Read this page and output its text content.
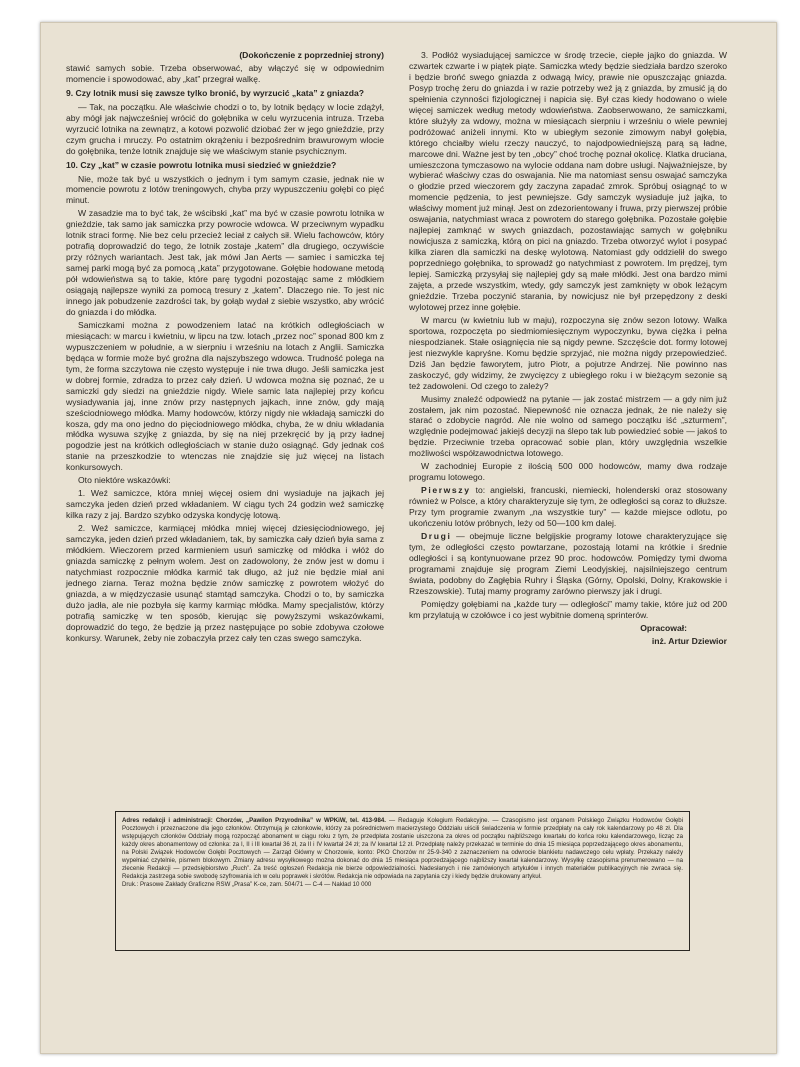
(Dokończenie z poprzedniej strony)

stawić samych sobie. Trzeba obserwować, aby włączyć się w odpowiednim momencie i spowodować, aby „kat” przegrał walkę.

9. Czy lotnik musi się zawsze tylko bronić, by wyrzucić „kata” z gniazda?

— Tak, na początku. Ale właściwie chodzi o to, by lotnik będący w locie zdążył, aby mógł jak najwcześniej wrócić do gołębnika w celu wyrzucenia intruza. Trzeba wyrzucić lotnika na zewnątrz, a kotowi pozwolić dziobać źer w jego gnieździe, przy czym grucha i mruczy. Po ostatnim okrążeniu i bezpośrednim brawurowym wlocie do gołębnika, tenże lotnik znajduje się we właściwym stanie psychicznym.

10. Czy „kat” w czasie powrotu lotnika musi siedzieć w gnieździe?

Nie, może tak być u wszystkich o jednym i tym samym czasie, jednak nie w momencie powrotu z lotów treningowych, chyba przy wypuszczeniu gołębi co pięć minut.

W zasadzie ma to być tak, że wścibski „kat” ma być w czasie powrotu lotnika w gnieździe, tak samo jak samiczka przy powrocie wdowca. W przeciwnym wypadku lotnik straci formę. Nie bez celu przecież leciał z całych sił. Wielu fachowców, który potrafią doprowadzić do tego, że lotnik zostaje „katem” dla drugiego, oczywiście przy różnych wariantach. Jest tak, jak mówi Jan Aerts — samiec i samiczka tej samej parki mogą być za pomocą „kata” przygotowane. Gołębie hodowane metodą pół wdowieństwa są to takie, które parę tygodni pozostając same z młódkiem osiągają najlepsze wyniki za pomocą tresury z „katem”. Dlaczego nie. To jest nic innego jak pobudzenie zazdrości tak, by gołąb wydał z siebie wszystko, aby wrócić do gniazda i do młódka.

Samiczkami można z powodzeniem latać na krótkich odległościach w miesiącach: w marcu i kwietniu, w lipcu na tzw. lotach „przez noc” sponad 800 km z wypuszczeniem w południe, a w sierpniu i wrześniu na lotach z Anglii. Samiczka będąca w formie może być groźna dla najszybszego wdowca. Trudność polega na tym, że forma szczytowa nie często występuje i nie trwa długo. Jeśli samiczka jest w dobrej formie, zdradza to przez cały dzień. U wdowca można się poznać, że u samiczki gdy siedzi na gnieździe nigdy. Wiele samic lata najlepiej przy końcu wysiadywania jaj, inne znów przy następnych jajkach, inne znów, gdy mają sześciodniowego młódka. Mamy hodowców, którzy nigdy nie wkładają samiczki do kosza, gdy ma ono jedno do pięciodniowego młódka, chyba, że w dniu wkładania młódka wysuwa szyjkę z gniazda, by się na niej przekręcić by ją przy ładnej pogodzie jest na krótkich odległościach w stanie dużo osiągnąć. Gdy jednak coś stanie na przeszkodzie to wtenczas nie znajdzie się już więcej na listach konkursowych.

Oto niektóre wskazówki:

1. Weź samiczce, która mniej więcej osiem dni wysiaduje na jajkach jej samczyka jeden dzień przed wkładaniem. W ciągu tych 24 godzin weź samiczkę kilka razy z jaj. Bardzo szybko odzyska kondycję lotową.

2. Weź samiczce, karmiącej młódka mniej więcej dziesięciodniowego, jej samczyka, jeden dzień przed wkładaniem, tak, by samiczka cały dzień była sama z młódkiem. Wieczorem przed karmieniem usuń samiczkę od młódka i włóż do gniazda samiczkę z pełnym wolem. Jest on zadowolony, że znów jest w domu i natychmiast rozpocznie młódka karmić tak długo, aż już nie będzie miał ani jednego ziarna. Teraz można będzie znów samiczkę z powrotem włożyć do gniazda, a w międzyczasie usunąć stamtąd samczyka. Chodzi o to, by samiczka dużo jadła, ale nie pozbyła się karmy karmiąc młódka. Mamy specjalistów, którzy potrafią samiczkę w ten sposób, kierując się powyższymi wskazówkami, doprowadzić do tego, że będzie ją przez następujące po sobie zdobywa czołowe konkursy. Warunek, żeby nie zobaczyła przez cały ten czas swego samczyka.

3. Podłóż wysiadującej samiczce w środę trzecie, ciepłe jajko do gniazda. W czwartek czwarte i w piątek piąte. Samiczka wtedy będzie siedziała bardzo szeroko i będzie brońć swego gniazda z odwagą lwicy, prawie nie opuszczając gniazda. Posyp trochę żeru do gniazda i w razie potrzeby weź ją z gniazda, by zmusić ją do spełnienia czynności fizjologicznej i napicia się. Był czas kiedy hodowano o wiele więcej samiczek według metody wdowieństwa. Zaobserwowano, że samiczkami, które służyły za wdowy, można w miesiącach sierpniu i wrześniu o wiele pewniej podróżować aniżeli innymi. Kto w ubiegłym sezonie zimowym nabył gołębia, którego chciałby wielu rzeczy nauczyć, to najodpowiedniejszą parą są ładne, marcowe dni. Ważne jest by ten „obcy” choć trochę poznał okolicę. Klatka druciana, umieszczona tymczasowo na wylocie oddana nam dobre usługi. Najważniejsze, by wybierać właściwy czas do oswajania. Nie ma natomiast sensu oswajać samczyka o głodzie przed wieczorem gdy zaczyna zapadać zmrok. Spróbuj osiągnąć to w momencie pędzenia, to jest pewniejsze. Gdy samczyk wysiaduje już jajka, to właściwy moment już minął. Jest on zdezorientowany i fruwa, przy pierwszej próbie oswajania, natychmiast wraca z powrotem do starego gołębnika. Pozostałe gołębie najlepiej zamknąć w swych gniazdach, pozostawiając samych w gołębniku nowicjusza z samiczką, którą on pici na gniazdo. Trzeba otworzyć wylot i posypać kilka ziaren dla samiczki na deskę wylotową. Natomiast gdy oddzielił do swego poprzedniego gołębnika, to sprowadź go natychmiast z powrotem. Im prędzej, tym lepiej. Samiczką przysyłaj się najlepiej gdy są małe młódki. Jest ona bardzo mimi zajęta, a przede wszystkim, wtedy, gdy samczyk jest zamknięty w obok leżącym gnieździe. Trzeba poczynić starania, by nowicjusz nie był przepędzony z deski wylotowej przez inne gołębie.

W marcu (w kwietniu lub w maju), rozpoczyna się znów sezon lotowy. Walka sportowa, rozpoczęta po siedmiomiesięcznym wypoczynku, bywa ciężka i pełna niespodzianek. Stałe osiągnięcia nie są nigdy pewne. Szczęście dot. formy lotowej jest niezwykle kapryśne. Komu będzie sprzyjać, nie można nigdy przepowiedzieć. Dziś Jan będzie faworytem, jutro Piotr, a pojutrze Andrzej. Nie powinno nas zaskoczyć, gdy widzimy, że zwycięzcy z ubiegłego roku i w bieżącym sezonie są też zadowoleni. Od czego to zależy?

Musimy znaleźć odpowiedź na pytanie — jak zostać mistrzem — a gdy nim już zostałem, jak nim pozostać. Niepewność nie oznacza jednak, że nie należy się starać o zdobycie nagród. Ale nie wolno od samego początku iść „szturmem”, względnie podejmować jakiejś decyzji na ślepo tak lub powiedzieć sobie — jakoś to będzie. Przeciwnie trzeba opracować sobie plan, który uwzględnia wszelkie możliwości współzawodnictwa lotowego.

W zachodniej Europie z ilością 500 000 hodowców, mamy dwa rodzaje programu lotowego.

Pierwszy to: angielski, francuski, niemiecki, holenderski oraz stosowany również w Polsce, a który charakteryzuje się tym, że odległości są coraz to dłuższe. Przy tym programie zwanym „na wszystkie tury” — każde miejsce odlotu, po ukończeniu lotów próbnych, leży od 50—100 km dalej.

Drugi — obejmuje liczne belgijskie programy lotowe charakteryzujące się tym, że odległości często powtarzane, pozostają lotami na krótkie i średnie odległości i są kontynuowane przez 90 proc. hodowców. Pomiędzy tymi dwoma programami znajduje się program Ziemi Leodyjskiej, najsilniejszego centrum świata, podobny do Zagłębia Ruhry i Śląska (Górny, Opolski, Dolny, Krakowskie i Rzeszowskie). Tutaj mamy programy zarówno pierwszy jak i drugi.

Pomiędzy gołębiami na „każde tury — odległości” mamy takie, które już od 200 km przylatują w czołówce i co jest wybitnie domeną sprinterów.

Opracował:

inż. Artur Dziewior

Adres redakcji i administracji: Chorzów, „Pawilon Przyrodnika” w WPKiW, tel. 413-984. — Redaguje Kolegium Redakcyjne. — Czasopismo jest organem Polskiego Związku Hodowców Gołębi Pocztowych i przeznaczone dla jego członków. Otrzymują je członkowie, którzy za pośrednictwem macierzystego Oddziału uiścili świadczenia w formie przedpłaty na cały rok kalendarzowy po 48 zł. Dla wstępujących członków Oddziały mogą rozpocząć abonament w ciągu roku z tym, że przedpłata zostanie uiszczona za okres od początku najbliższego kwartału do końca roku kalendarzowego, licząc za każdy okres abonamentowy od członka: za I, II i III kwartał 36 zł, za II i IV kwartał 24 zł; za IV kwartał 12 zł. Przedpłatę należy przekazać w terminie do dnia 15 miesiąca poprzedzającego okres abonamentu, na Polski Związek Hodowców Gołębi Pocztowych — Zarząd Główny w Chorzowie, konto: PKO Chorzów nr 25-9-340 z zaznaczeniem na odwrocie blankietu nadawczego celu wpłaty. Przekazy należy wypełniać czytelnie, pismem blokowym. Zmiany adresu wysyłkowego można dokonać do dnia 15 miesiąca poprzedzającego najbliższy kwartał kalendarzowy. Wysyłkę czasopisma prenumerowano — na zlecenie Redakcji — przedsiębiorstwo „Ruch”. Za treść ogłoszeń Redakcja nie bierze odpowiedzialności. Nadesłanych i nie zamówionych artykułów i innych materiałów publikacyjnych nie zwraca się. Redakcja zastrzega sobie swobodę szyfrowania ich w celu poprawek i skrótów. Redakcja nie odpowiada na zapytania czy i kiedy będzie drukowany artykuł.

Druk.: Prasowe Zakłady Graficzne RSW „Prasa” K-ce, zam. 504/71 — C-4 — Nakład 10 000
